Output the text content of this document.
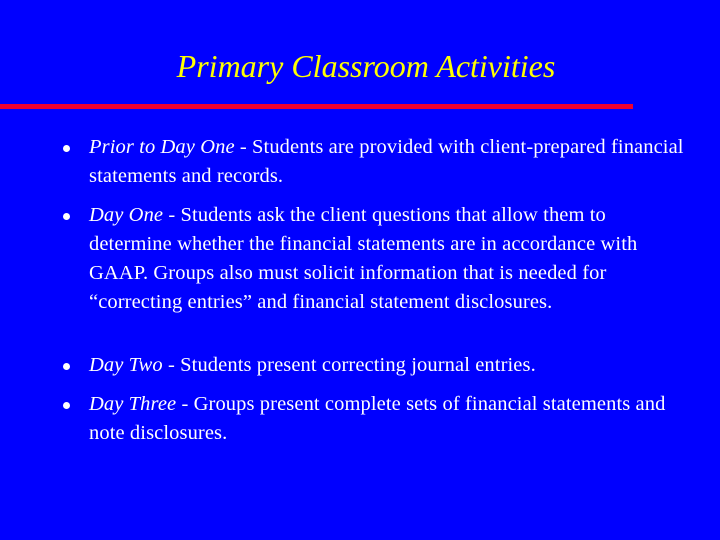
Primary Classroom Activities
Prior to Day One - Students are provided with client-prepared financial statements and records.
Day One - Students ask the client questions that allow them to determine whether the financial statements are in accordance with GAAP. Groups also must solicit information that is needed for “correcting entries” and financial statement disclosures.
Day Two - Students present correcting journal entries.
Day Three - Groups present complete sets of financial statements and note disclosures.
